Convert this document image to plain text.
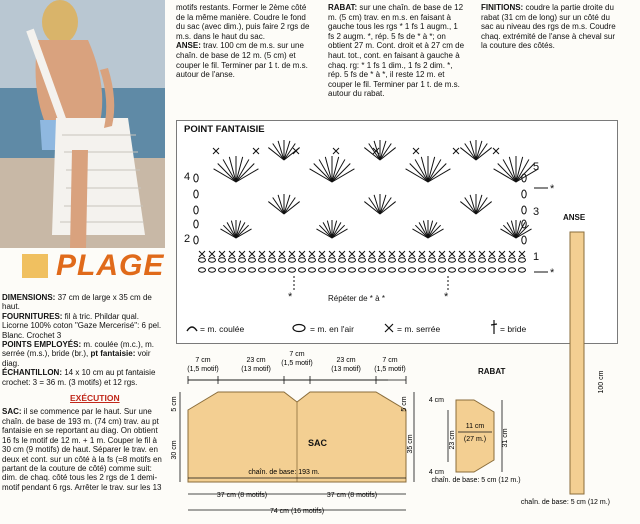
PLAGE

DIMENSIONS: 37 cm de large x 35 cm de haut.

FOURNITURES: fil à tric. Phildar qual. Licorne 100% coton "Gaze Mercerisé": 6 pel. Blanc. Crochet 3

POINTS EMPLOYÉS: m. coulée (m.c.), m. serrée (m.s.), bride (br.), pt fantaisie: voir diag.

ÉCHANTILLON: 14 x 10 cm au pt fantaisie crochet: 3 = 36 m. (3 motifs) et 12 rgs.

EXÉCUTION

SAC: il se commence par le haut. Sur une chaîn. de base de 193 m. (74 cm) trav. au pt fantaisie en se reportant au diag. On obtient 16 fs le motif de 12 m. + 1 m. Couper le fil à 30 cm (9 motifs) de haut. Séparer le trav. en deux et cont. sur un côté à la fs (=8 motifs en partant de la couture de côté) comme suit: dim. de chaq. côté tous les 2 rgs de 1 demi-motif pendant 6 rgs. Arrêter le trav. sur les 13

motifs restants. Former le 2ème côté de la même manière. Coudre le fond du sac (avec dim.), puis faire 2 rgs de m.s. dans le haut du sac.

ANSE: trav. 100 cm de m.s. sur une chaîn. de base de 12 m. (5 cm) et couper le fil. Terminer par 1 t. de m.s. autour de l'anse.

RABAT: sur une chaîn. de base de 12 m. (5 cm) trav. en m.s. en faisant à gauche tous les rgs * 1 fs 1 augm., 1 fs 2 augm. *, rép. 5 fs de * à *; on obtient 27 m. Cont. droit et à 27 cm de haut. tot., cont. en faisant à gauche à chaq. rg: * 1 fs 1 dim., 1 fs 2 dim. *, rép. 5 fs de * à *, il reste 12 m. et couper le fil. Terminer par 1 t. de m.s. autour du rabat.

FINITIONS: coudre la partie droite du rabat (31 cm de long) sur un côté du sac au niveau des rgs de m.s. Coudre chaq. extrémité de l'anse à cheval sur la couture des côtés.

POINT FANTAISIE
4
2
5
3
1
*
*
*	*
Répéter de * à *
ANSE
= m. coulée	= m. en l'air	= m. serrée	= bride
7 cm
(1,5 motif)
23 cm
(13 motif)
7 cm
(1,5 motif)	23 cm
(13 motif)
7 cm
(1,5 motif)
30 cm
5 cm
35 cm
5 cm
chaîn. de base: 193 m.
37 cm (8 motifs)	37 cm (8 motifs)
74 cm (16 motifs)
4 cm
4 cm
23 cm	31 cm
11 cm
(27 m.)
chaîn. de base: 5 cm (12 m.)
100 cm
chaîn. de base: 5 cm (12 m.)
SAC
RABAT
